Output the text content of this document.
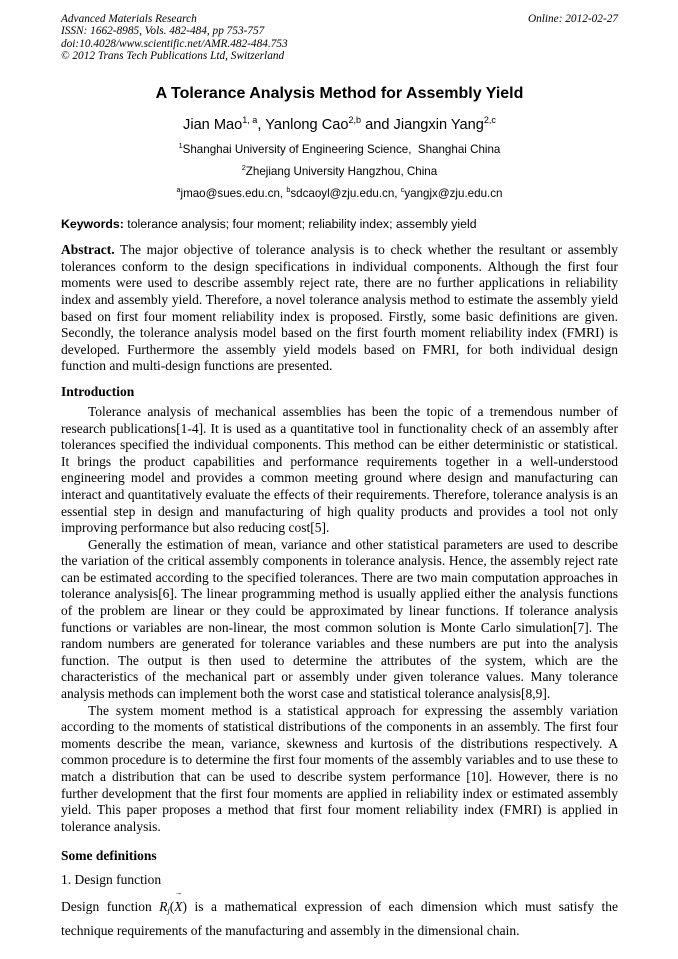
Advanced Materials Research
ISSN: 1662-8985, Vols. 482-484, pp 753-757
doi:10.4028/www.scientific.net/AMR.482-484.753
© 2012 Trans Tech Publications Ltd, Switzerland
Online: 2012-02-27
A Tolerance Analysis Method for Assembly Yield

Jian Mao$^{1, a}$, Yanlong Cao$^{2,b}$ and Jiangxin Yang$^{2,c}$

$^1$Shanghai University of Engineering Science,  Shanghai China

$^2$Zhejiang University Hangzhou, China

$^a$jmao@sues.edu.cn, $^b$sdcaoyl@zju.edu.cn, $^c$yangjx@zju.edu.cn

Keywords: tolerance analysis; four moment; reliability index; assembly yield

Abstract. The major objective of tolerance analysis is to check whether the resultant or assembly tolerances conform to the design specifications in individual components. Although the first four moments were used to describe assembly reject rate, there are no further applications in reliability index and assembly yield. Therefore, a novel tolerance analysis method to estimate the assembly yield based on first four moment reliability index is proposed. Firstly, some basic definitions are given. Secondly, the tolerance analysis model based on the first fourth moment reliability index (FMRI) is developed. Furthermore the assembly yield models based on FMRI, for both individual design function and multi-design functions are presented.

Introduction

Tolerance analysis of mechanical assemblies has been the topic of a tremendous number of research publications[1-4]. It is used as a quantitative tool in functionality check of an assembly after tolerances specified the individual components. This method can be either deterministic or statistical. It brings the product capabilities and performance requirements together in a well-understood engineering model and provides a common meeting ground where design and manufacturing can interact and quantitatively evaluate the effects of their requirements. Therefore, tolerance analysis is an essential step in design and manufacturing of high quality products and provides a tool not only improving performance but also reducing cost[5].

Generally the estimation of mean, variance and other statistical parameters are used to describe the variation of the critical assembly components in tolerance analysis. Hence, the assembly reject rate can be estimated according to the specified tolerances. There are two main computation approaches in tolerance analysis[6]. The linear programming method is usually applied either the analysis functions of the problem are linear or they could be approximated by linear functions. If tolerance analysis functions or variables are non-linear, the most common solution is Monte Carlo simulation[7]. The random numbers are generated for tolerance variables and these numbers are put into the analysis function. The output is then used to determine the attributes of the system, which are the characteristics of the mechanical part or assembly under given tolerance values. Many tolerance analysis methods can implement both the worst case and statistical tolerance analysis[8,9].

The system moment method is a statistical approach for expressing the assembly variation according to the moments of statistical distributions of the components in an assembly. The first four moments describe the mean, variance, skewness and kurtosis of the distributions respectively. A common procedure is to determine the first four moments of the assembly variables and to use these to match a distribution that can be used to describe system performance [10]. However, there is no further development that the first four moments are applied in reliability index or estimated assembly yield. This paper proposes a method that first four moment reliability index (FMRI) is applied in tolerance analysis.

Some definitions

1. Design function

Design function $R_j$(
→
X) is a mathematical expression of each dimension which must satisfy the technique requirements of the manufacturing and assembly in the dimensional chain.
